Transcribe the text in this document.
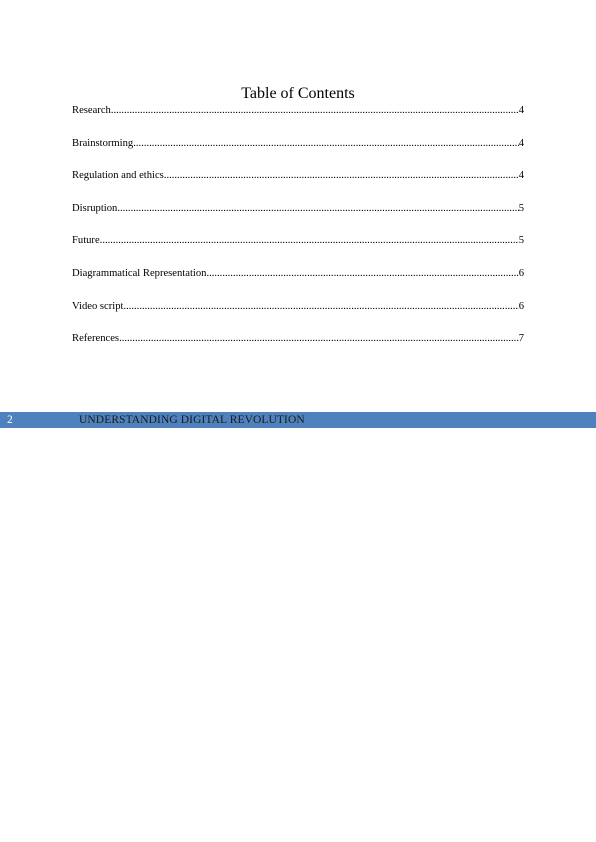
Table of Contents
Research .....	4
Brainstorming .....	4
Regulation and ethics .....	4
Disruption .....	5
Future .....	5
Diagrammatical Representation .....	6
Video script .....	6
References .....	7
2	UNDERSTANDING DIGITAL REVOLUTION
